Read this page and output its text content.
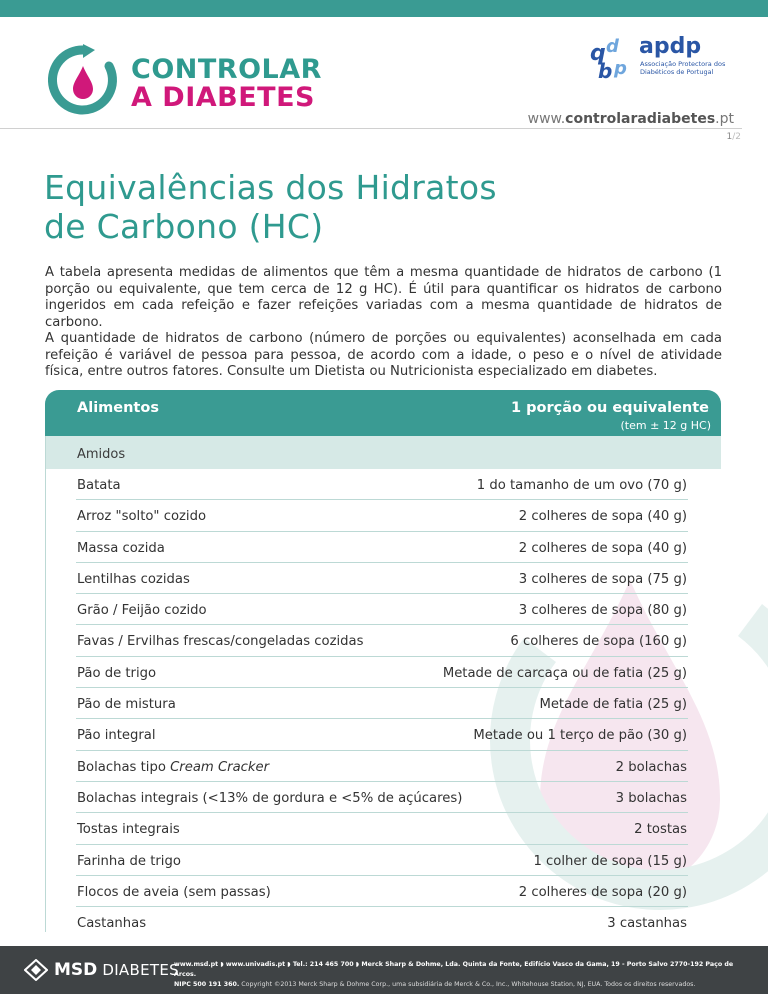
CONTROLAR
A DIABETES
q d
b p
apdp
Associação Protectora dos Diabéticos de Portugal
www.controlaradiabetes.pt
1/2
Equivalências dos Hidratos
de Carbono (HC)

A tabela apresenta medidas de alimentos que têm a mesma quantidade de hidratos de carbono (1 porção ou equivalente, que tem cerca de 12 g HC). É útil para quantificar os hidratos de carbono ingeridos em cada refeição e fazer refeições variadas com a mesma quantidade de hidratos de carbono.

A quantidade de hidratos de carbono (número de porções ou equivalentes) aconselhada em cada refeição é variável de pessoa para pessoa, de acordo com a idade, o peso e o nível de atividade física, entre outros fatores. Consulte um Dietista ou Nutricionista especializado em diabetes.

Alimentos	1 porção ou equivalente
(tem ± 12 g HC)
Amidos
Batata	1 do tamanho de um ovo (70 g)
Arroz "solto" cozido	2 colheres de sopa (40 g)
Massa cozida	2 colheres de sopa (40 g)
Lentilhas cozidas	3 colheres de sopa (75 g)
Grão / Feijão cozido	3 colheres de sopa (80 g)
Favas / Ervilhas frescas/congeladas cozidas	6 colheres de sopa (160 g)
Pão de trigo	Metade de carcaça ou de fatia (25 g)
Pão de mistura	Metade de fatia (25 g)
Pão integral	Metade ou 1 terço de pão (30 g)
Bolachas tipo Cream Cracker	2 bolachas
Bolachas integrais (<13% de gordura e <5% de açúcares)	3 bolachas
Tostas integrais	2 tostas
Farinha de trigo	1 colher de sopa (15 g)
Flocos de aveia (sem passas)	2 colheres de sopa (20 g)
Castanhas	3 castanhas
MSD DIABETES
www.msd.pt ◗ www.univadis.pt ◗ Tel.: 214 465 700 ◗ Merck Sharp & Dohme, Lda. Quinta da Fonte, Edifício Vasco da Gama, 19 - Porto Salvo 2770-192 Paço de Arcos.
NIPC 500 191 360. Copyright ©2013 Merck Sharp & Dohme Corp., uma subsidiária de Merck & Co., Inc., Whitehouse Station, NJ, EUA. Todos os direitos reservados.
